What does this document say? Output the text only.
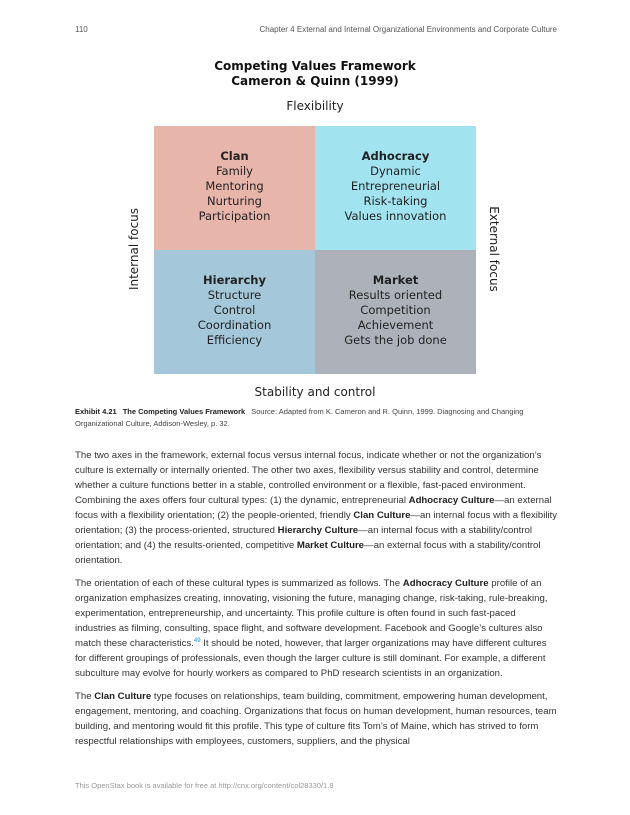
110	Chapter 4 External and Internal Organizational Environments and Corporate Culture
Competing Values Framework
Cameron & Quinn (1999)
Flexibility
Internal focus	External focus
Stability and control
Clan
Family
Mentoring
Nurturing
Participation
Adhocracy
Dynamic
Entrepreneurial
Risk-taking
Values innovation
Hierarchy
Structure
Control
Coordination
Efficiency
Market
Results oriented
Competition
Achievement
Gets the job done
Exhibit 4.21 The Competing Values Framework Source: Adapted from K. Cameron and R. Quinn, 1999. Diagnosing and Changing Organizational Culture, Addison-Wesley, p. 32.

The two axes in the framework, external focus versus internal focus, indicate whether or not the organization’s culture is externally or internally oriented. The other two axes, flexibility versus stability and control, determine whether a culture functions better in a stable, controlled environment or a flexible, fast-paced environment. Combining the axes offers four cultural types: (1) the dynamic, entrepreneurial Adhocracy Culture—an external focus with a flexibility orientation; (2) the people-oriented, friendly Clan Culture—an internal focus with a flexibility orientation; (3) the process-oriented, structured Hierarchy Culture—an internal focus with a stability/control orientation; and (4) the results-oriented, competitive Market Culture—an external focus with a stability/control orientation.

The orientation of each of these cultural types is summarized as follows. The Adhocracy Culture profile of an organization emphasizes creating, innovating, visioning the future, managing change, risk-taking, rule-breaking, experimentation, entrepreneurship, and uncertainty. This profile culture is often found in such fast-paced industries as filming, consulting, space flight, and software development. Facebook and Google’s cultures also match these characteristics.$^{49}$ It should be noted, however, that larger organizations may have different cultures for different groupings of professionals, even though the larger culture is still dominant. For example, a different subculture may evolve for hourly workers as compared to PhD research scientists in an organization.

The Clan Culture type focuses on relationships, team building, commitment, empowering human development, engagement, mentoring, and coaching. Organizations that focus on human development, human resources, team building, and mentoring would fit this profile. This type of culture fits Tom’s of Maine, which has strived to form respectful relationships with employees, customers, suppliers, and the physical

This OpenStax book is available for free at http://cnx.org/content/col28330/1.8
